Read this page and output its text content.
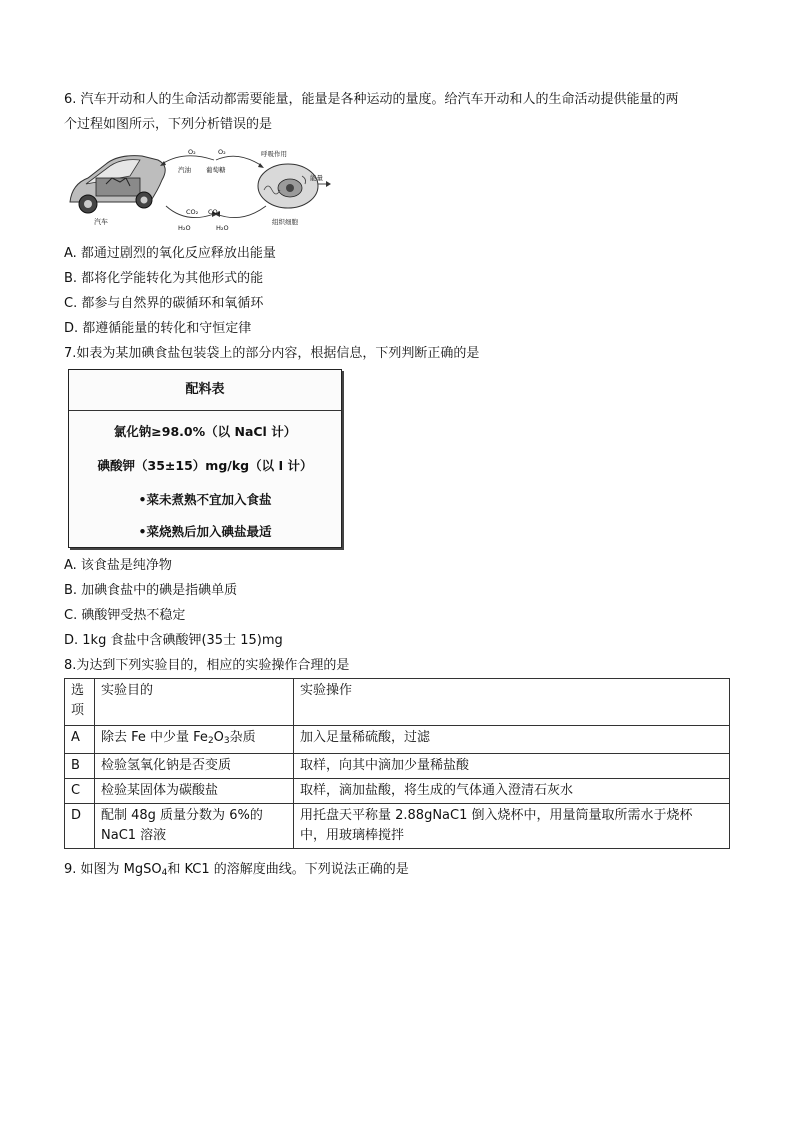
6. 汽车开动和人的生命活动都需要能量，能量是各种运动的量度。给汽车开动和人的生命活动提供能量的两
个过程如图所示，下列分析错误的是
汽车
O₂
汽油
O₂
葡萄糖
呼吸作用
能量
组织细胞
CO₂ CO₂
H₂O	H₂O
A. 都通过剧烈的氧化反应释放出能量
B. 都将化学能转化为其他形式的能
C. 都参与自然界的碳循环和氧循环
D. 都遵循能量的转化和守恒定律
7.如表为某加碘食盐包装袋上的部分内容，根据信息，下列判断正确的是
配料表
氯化钠≥98.0%（以 NaCl 计）
碘酸钾（35±15）mg/kg（以 I 计）
•菜未煮熟不宜加入食盐
•菜烧熟后加入碘盐最适
A. 该食盐是纯净物
B. 加碘食盐中的碘是指碘单质
C. 碘酸钾受热不稳定
D. 1kg 食盐中含碘酸钾(35士 15)mg
8.为达到下列实验目的，相应的实验操作合理的是
选
项	实验目的	实验操作
A	除去 Fe 中少量 $Fe_2O_3$杂质	加入足量稀硫酸，过滤
B	检验氢氧化钠是否变质	取样，向其中滴加少量稀盐酸
C	检验某固体为碳酸盐	取样，滴加盐酸，将生成的气体通入澄清石灰水
D	配制 48g 质量分数为 6%的
NaC1 溶液	用托盘天平称量 2.88gNaC1 倒入烧杯中，用量筒量取所需水于烧杯
中，用玻璃棒搅拌
9. 如图为 MgSO$_4$和 KC1 的溶解度曲线。下列说法正确的是
